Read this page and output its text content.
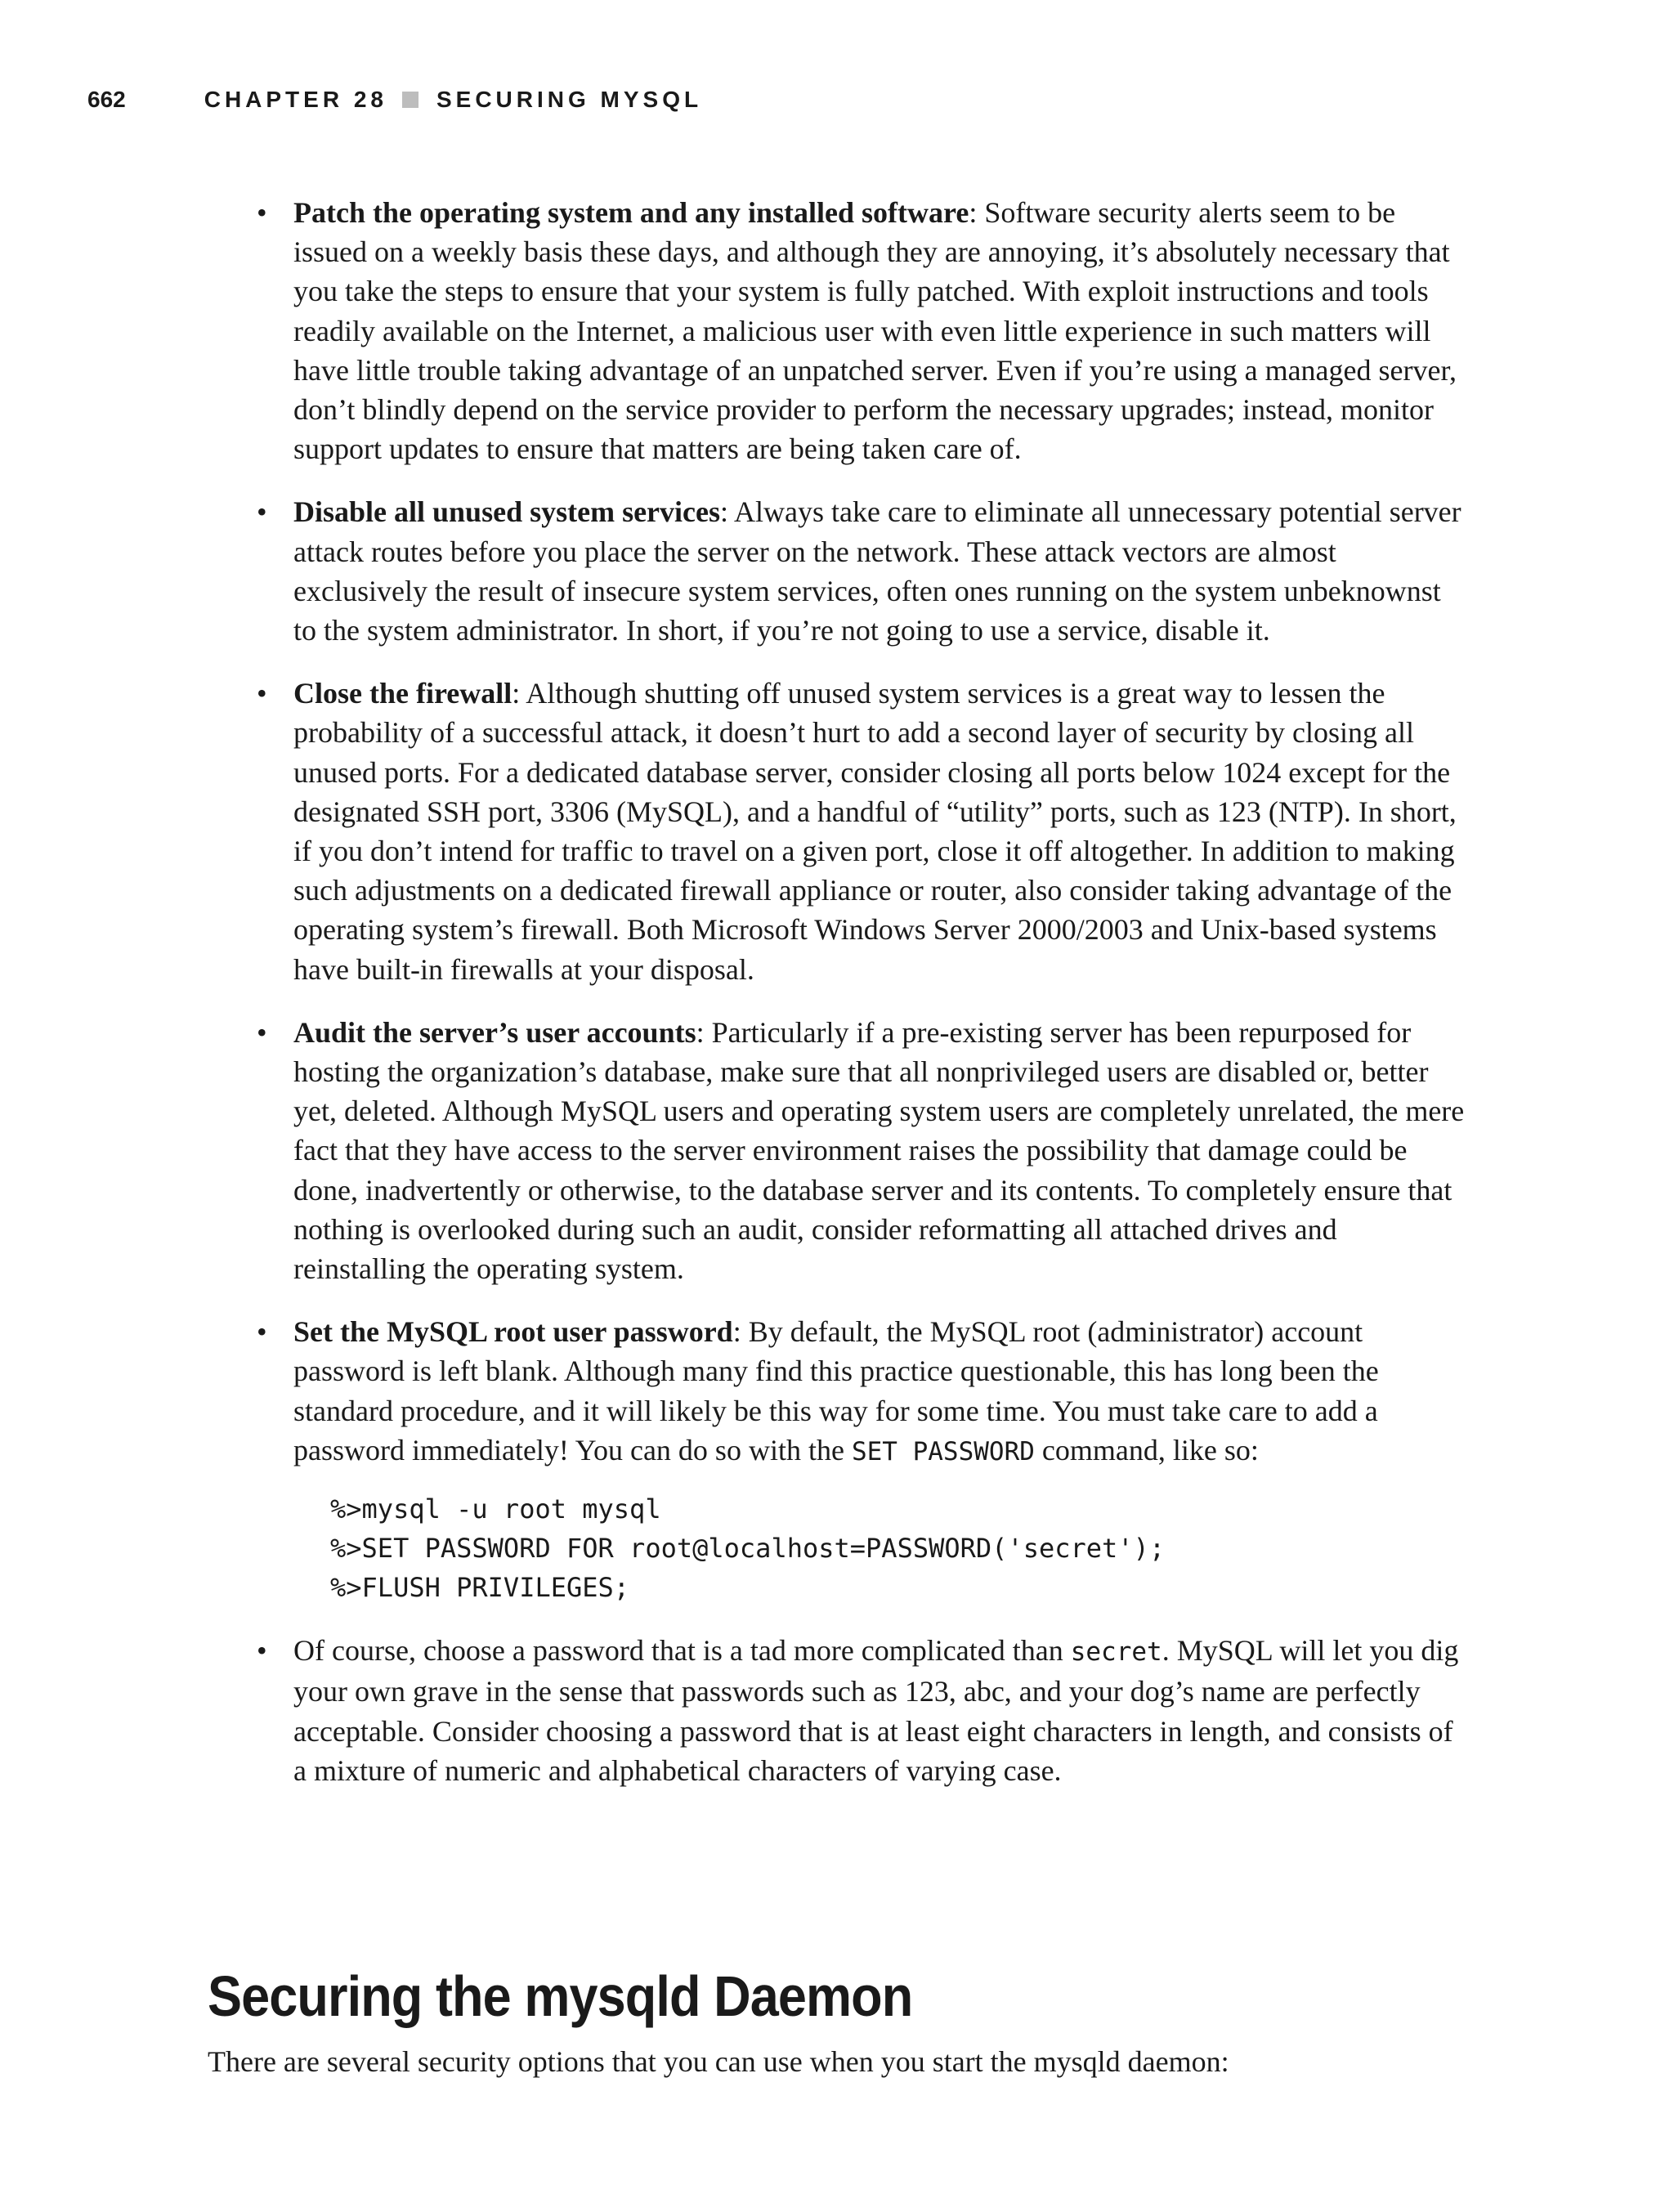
662	CHAPTER 28 SECURING MYSQL
• Patch the operating system and any installed software: Software security alerts seem to be issued on a weekly basis these days, and although they are annoying, it’s absolutely necessary that you take the steps to ensure that your system is fully patched. With exploit instructions and tools readily available on the Internet, a malicious user with even little experience in such matters will have little trouble taking advantage of an unpatched server. Even if you’re using a managed server, don’t blindly depend on the service provider to perform the necessary upgrades; instead, monitor support updates to ensure that matters are being taken care of.
• Disable all unused system services: Always take care to eliminate all unnecessary potential server attack routes before you place the server on the network. These attack vectors are almost exclusively the result of insecure system services, often ones running on the system unbeknownst to the system administrator. In short, if you’re not going to use a service, disable it.
• Close the firewall: Although shutting off unused system services is a great way to lessen the probability of a successful attack, it doesn’t hurt to add a second layer of security by closing all unused ports. For a dedicated database server, consider closing all ports below 1024 except for the designated SSH port, 3306 (MySQL), and a handful of “utility” ports, such as 123 (NTP). In short, if you don’t intend for traffic to travel on a given port, close it off altogether. In addition to making such adjustments on a dedicated firewall appliance or router, also consider taking advantage of the operating system’s firewall. Both Microsoft Windows Server 2000/2003 and Unix-based systems have built-in firewalls at your disposal.
• Audit the server’s user accounts: Particularly if a pre-existing server has been repurposed for hosting the organization’s database, make sure that all nonprivileged users are disabled or, better yet, deleted. Although MySQL users and operating system users are completely unrelated, the mere fact that they have access to the server environment raises the possibility that damage could be done, inadvertently or otherwise, to the database server and its contents. To completely ensure that nothing is overlooked during such an audit, consider reformatting all attached drives and reinstalling the operating system.
• Set the MySQL root user password: By default, the MySQL root (administrator) account password is left blank. Although many find this practice questionable, this has long been the standard procedure, and it will likely be this way for some time. You must take care to add a password immediately! You can do so with the SET PASSWORD command, like so:
%>mysql -u root mysql
%>SET PASSWORD FOR root@localhost=PASSWORD('secret');
%>FLUSH PRIVILEGES;
• Of course, choose a password that is a tad more complicated than secret. MySQL will let you dig your own grave in the sense that passwords such as 123, abc, and your dog’s name are perfectly acceptable. Consider choosing a password that is at least eight characters in length, and consists of a mixture of numeric and alphabetical characters of varying case.
Securing the mysqld Daemon

There are several security options that you can use when you start the mysqld daemon:
